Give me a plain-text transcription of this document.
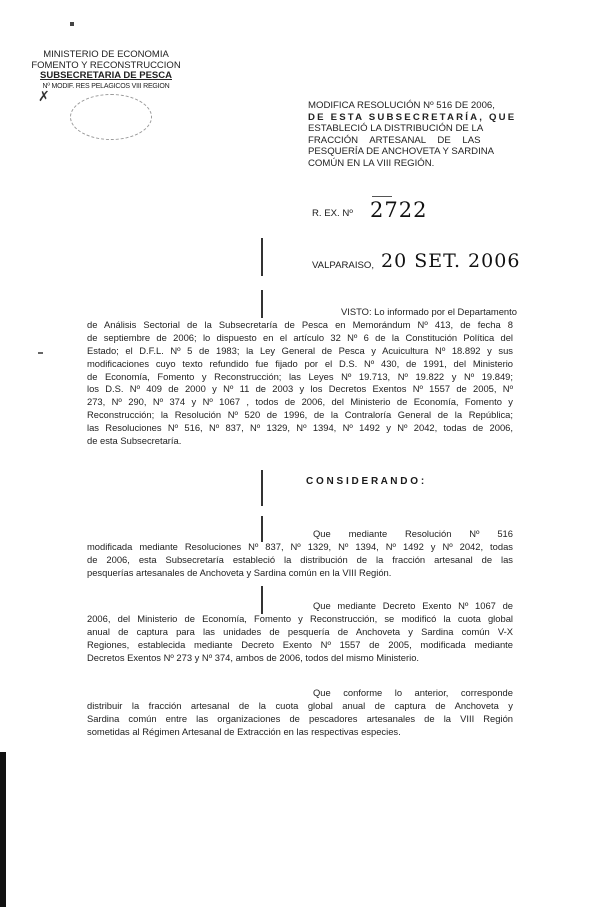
MINISTERIO DE ECONOMIA
FOMENTO Y RECONSTRUCCION
SUBSECRETARIA DE PESCA
Nº MODIF. RES PELAGICOS VIII REGION
✗
MODIFICA RESOLUCIÓN Nº 516 DE 2006,
DE ESTA SUBSECRETARÍA, QUE
ESTABLECIÓ LA DISTRIBUCIÓN DE LA
FRACCIÓN ARTESANAL DE LAS
PESQUERÍA DE ANCHOVETA Y SARDINA
COMÚN EN LA VIII REGIÓN.
R. EX. Nº 2722
VALPARAISO, 20 SET. 2006
VISTO: Lo informado por el Departamento
de Análisis Sectorial de la Subsecretaría de Pesca en Memorándum Nº 413, de fecha 8
de septiembre de 2006; lo dispuesto en el artículo 32 Nº 6 de la Constitución Política del
Estado; el D.F.L. Nº 5 de 1983; la Ley General de Pesca y Acuicultura Nº 18.892 y sus
modificaciones cuyo texto refundido fue fijado por el D.S. Nº 430, de 1991, del Ministerio
de Economía, Fomento y Reconstrucción; las Leyes Nº 19.713, Nº 19.822 y Nº 19.849;
los D.S. Nº 409 de 2000 y Nº 11 de 2003 y los Decretos Exentos Nº 1557 de 2005, Nº
273, Nº 290, Nº 374 y Nº 1067 , todos de 2006, del Ministerio de Economía, Fomento y
Reconstrucción; la Resolución Nº 520 de 1996, de la Contraloría General de la República;
las Resoluciones Nº 516, Nº 837, Nº 1329, Nº 1394, Nº 1492 y Nº 2042, todas de 2006,
de esta Subsecretaría.
C O N S I D E R A N D O :
Que mediante Resolución Nº 516
modificada mediante Resoluciones Nº 837, Nº 1329, Nº 1394, Nº 1492 y Nº 2042, todas
de 2006, esta Subsecretaría estableció la distribución de la fracción artesanal de las
pesquerías artesanales de Anchoveta y Sardina común en la VIII Región.
Que mediante Decreto Exento Nº 1067 de
2006, del Ministerio de Economía, Fomento y Reconstrucción, se modificó la cuota global
anual de captura para las unidades de pesquería de Anchoveta y Sardina común V-X
Regiones, establecida mediante Decreto Exento Nº 1557 de 2005, modificada mediante
Decretos Exentos Nº 273 y Nº 374, ambos de 2006, todos del mismo Ministerio.
Que conforme lo anterior, corresponde
distribuir la fracción artesanal de la cuota global anual de captura de Anchoveta y
Sardina común entre las organizaciones de pescadores artesanales de la VIII Región
sometidas al Régimen Artesanal de Extracción en las respectivas especies.
